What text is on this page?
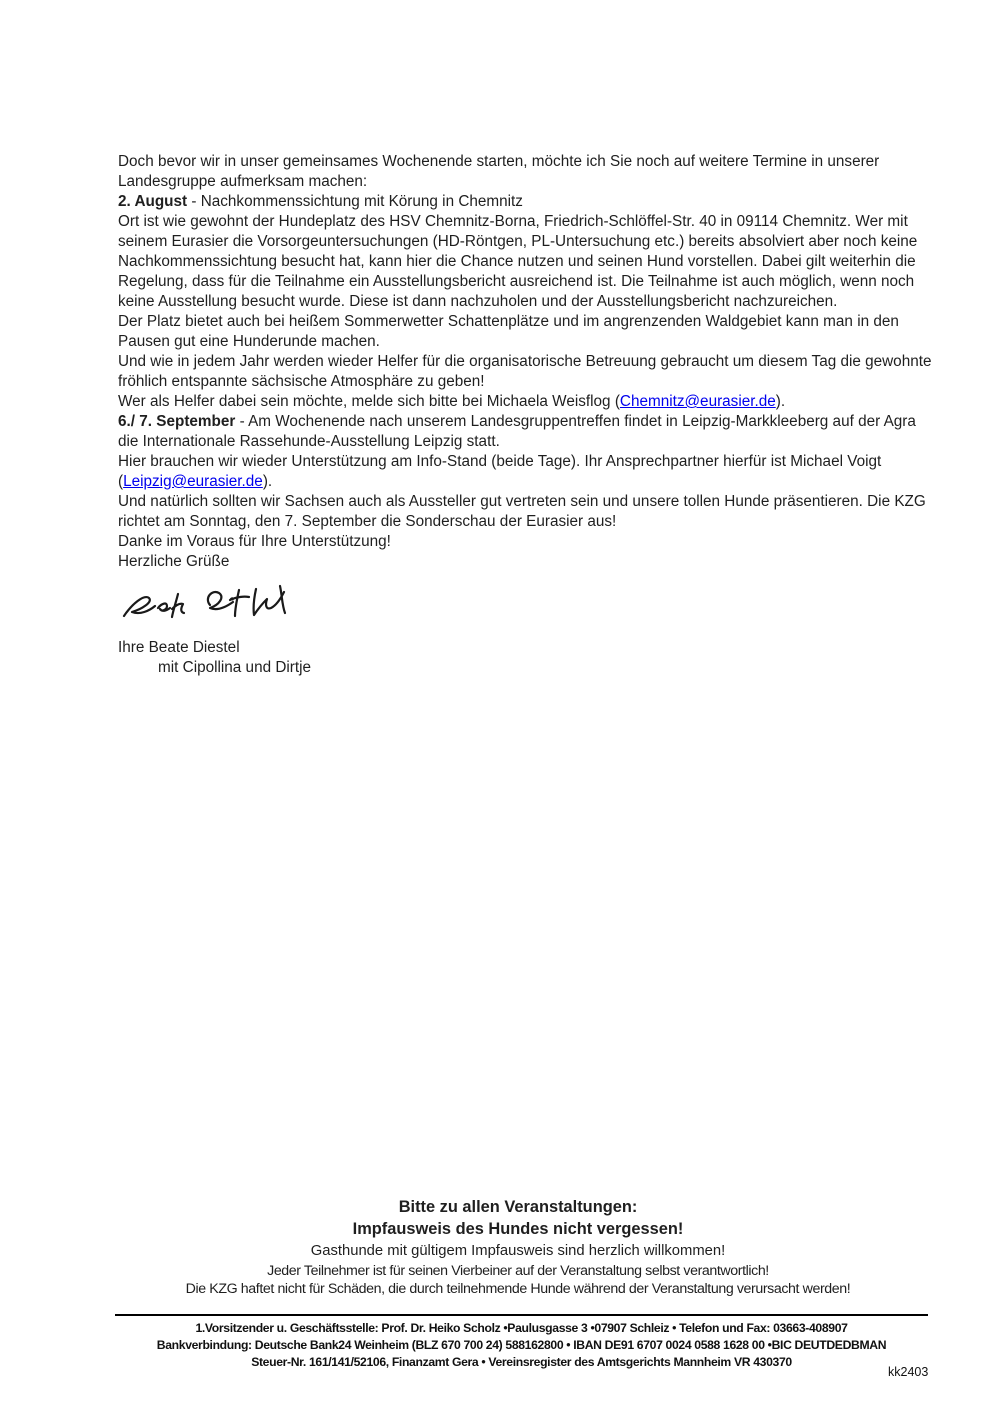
Doch bevor wir in unser gemeinsames Wochenende starten, möchte ich Sie noch auf weitere Termine in unserer Landesgruppe aufmerksam machen:

2. August - Nachkommenssichtung mit Körung in Chemnitz

Ort ist wie gewohnt der Hundeplatz des HSV Chemnitz-Borna, Friedrich-Schlöffel-Str. 40 in 09114 Chemnitz. Wer mit seinem Eurasier die Vorsorgeuntersuchungen (HD-Röntgen, PL-Untersuchung etc.) bereits absolviert aber noch keine Nachkommenssichtung besucht hat, kann hier die Chance nutzen und seinen Hund vorstellen. Dabei gilt weiterhin die Regelung, dass für die Teilnahme ein Ausstellungsbericht ausreichend ist. Die Teilnahme ist auch möglich, wenn noch keine Ausstellung besucht wurde. Diese ist dann nachzuholen und der Ausstellungsbericht nachzureichen.

Der Platz bietet auch bei heißem Sommerwetter Schattenplätze und im angrenzenden Waldgebiet kann man in den Pausen gut eine Hunderunde machen.

Und wie in jedem Jahr werden wieder Helfer für die organisatorische Betreuung gebraucht um diesem Tag die gewohnte fröhlich entspannte sächsische Atmosphäre zu geben!

Wer als Helfer dabei sein möchte, melde sich bitte bei Michaela Weisflog (Chemnitz@eurasier.de).

6./ 7. September - Am Wochenende nach unserem Landesgruppentreffen findet in Leipzig-Markkleeberg auf der Agra die Internationale Rassehunde-Ausstellung Leipzig statt.

Hier brauchen wir wieder Unterstützung am Info-Stand (beide Tage). Ihr Ansprechpartner hierfür ist Michael Voigt (Leipzig@eurasier.de).

Und natürlich sollten wir Sachsen auch als Aussteller gut vertreten sein und unsere tollen Hunde präsentieren. Die KZG richtet am Sonntag, den 7. September die Sonderschau der Eurasier aus!

Danke im Voraus für Ihre Unterstützung!

Herzliche Grüße

Ihre Beate Diestel

mit Cipollina und Dirtje

Bitte zu allen Veranstaltungen:
Impfausweis des Hundes nicht vergessen!
Gasthunde mit gültigem Impfausweis sind herzlich willkommen!
Jeder Teilnehmer ist für seinen Vierbeiner auf der Veranstaltung selbst verantwortlich!
Die KZG haftet nicht für Schäden, die durch teilnehmende Hunde während der Veranstaltung verursacht werden!
1.Vorsitzender u. Geschäftsstelle: Prof. Dr. Heiko Scholz •Paulusgasse 3 •07907 Schleiz • Telefon und Fax: 03663-408907
Bankverbindung: Deutsche Bank24 Weinheim (BLZ 670 700 24) 588162800 • IBAN DE91 6707 0024 0588 1628 00 •BIC DEUTDEDBMAN
Steuer-Nr. 161/141/52106, Finanzamt Gera • Vereinsregister des Amtsgerichts Mannheim VR 430370
kk2403
